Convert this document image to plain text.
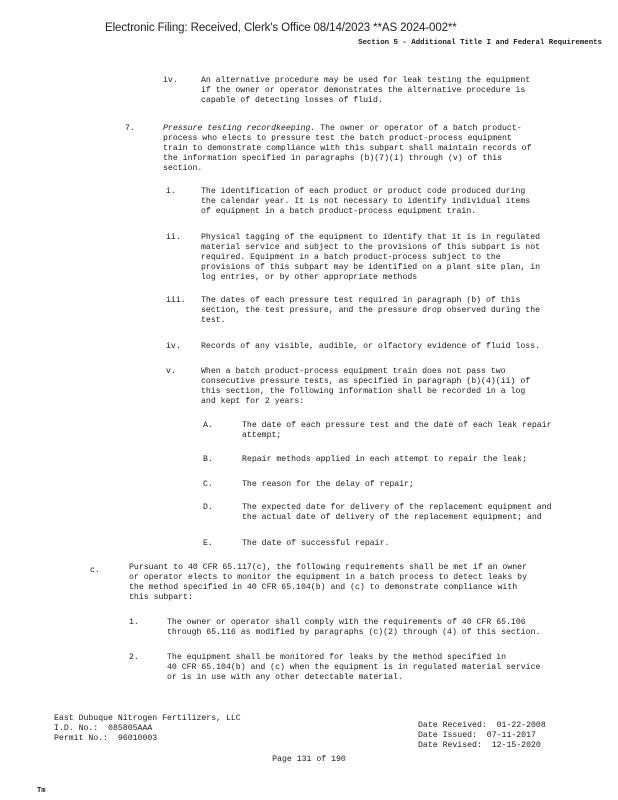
Electronic Filing: Received, Clerk's Office 08/14/2023 **AS 2024-002**
Section 5 - Additional Title I and Federal Requirements
iv.	An alternative procedure may be used for leak testing the equipment
if the owner or operator demonstrates the alternative procedure is
capable of detecting losses of fluid.
7.	Pressure testing recordkeeping. The owner or operator of a batch product-
process who elects to pressure test the batch product-process equipment
train to demonstrate compliance with this subpart shall maintain records of
the information specified in paragraphs (b)(7)(i) through (v) of this
section.
i.	The identification of each product or product code produced during
the calendar year. It is not necessary to identify individual items
of equipment in a batch product-process equipment train.
ii. Physical tagging of the equipment to identify that it is in regulated
material service and subject to the provisions of this subpart is not
required. Equipment in a batch product-process subject to the
provisions of this subpart may be identified on a plant site plan, in
log entries, or by other appropriate methods
iii. The dates of each pressure test required in paragraph (b) of this
section, the test pressure, and the pressure drop observed during the
test.
iv. Records of any visible, audible, or olfactory evidence of fluid loss.
v.	When a batch product-process equipment train does not pass two
consecutive pressure tests, as specified in paragraph (b)(4)(ii) of
this section, the following information shall be recorded in a log
and kept for 2 years:
A.	The date of each pressure test and the date of each leak repair
attempt;
B.	Repair methods applied in each attempt to repair the leak;
C.	The reason for the delay of repair;
D.	The expected date for delivery of the replacement equipment and
the actual date of delivery of the replacement equipment; and
E.	The date of successful repair.
c.	Pursuant to 40 CFR 65.117(c), the following requirements shall be met if an owner
or operator elects to monitor the equipment in a batch process to detect leaks by
the method specified in 40 CFR 65.104(b) and (c) to demonstrate compliance with
this subpart:
1.	The owner or operator shall comply with the requirements of 40 CFR 65.106
through 65.116 as modified by paragraphs (c)(2) through (4) of this section.
2.	The equipment shall be monitored for leaks by the method specified in
40 CFR 65.104(b) and (c) when the equipment is in regulated material service
or is in use with any other detectable material.
East Dubuque Nitrogen Fertilizers, LLC
I.D. No.:  085805AAA
Permit No.:  96010003
Date Received:  01-22-2008
Date Issued:  07-11-2017
Date Revised:  12-15-2020
Page 131 of 190
Tm
